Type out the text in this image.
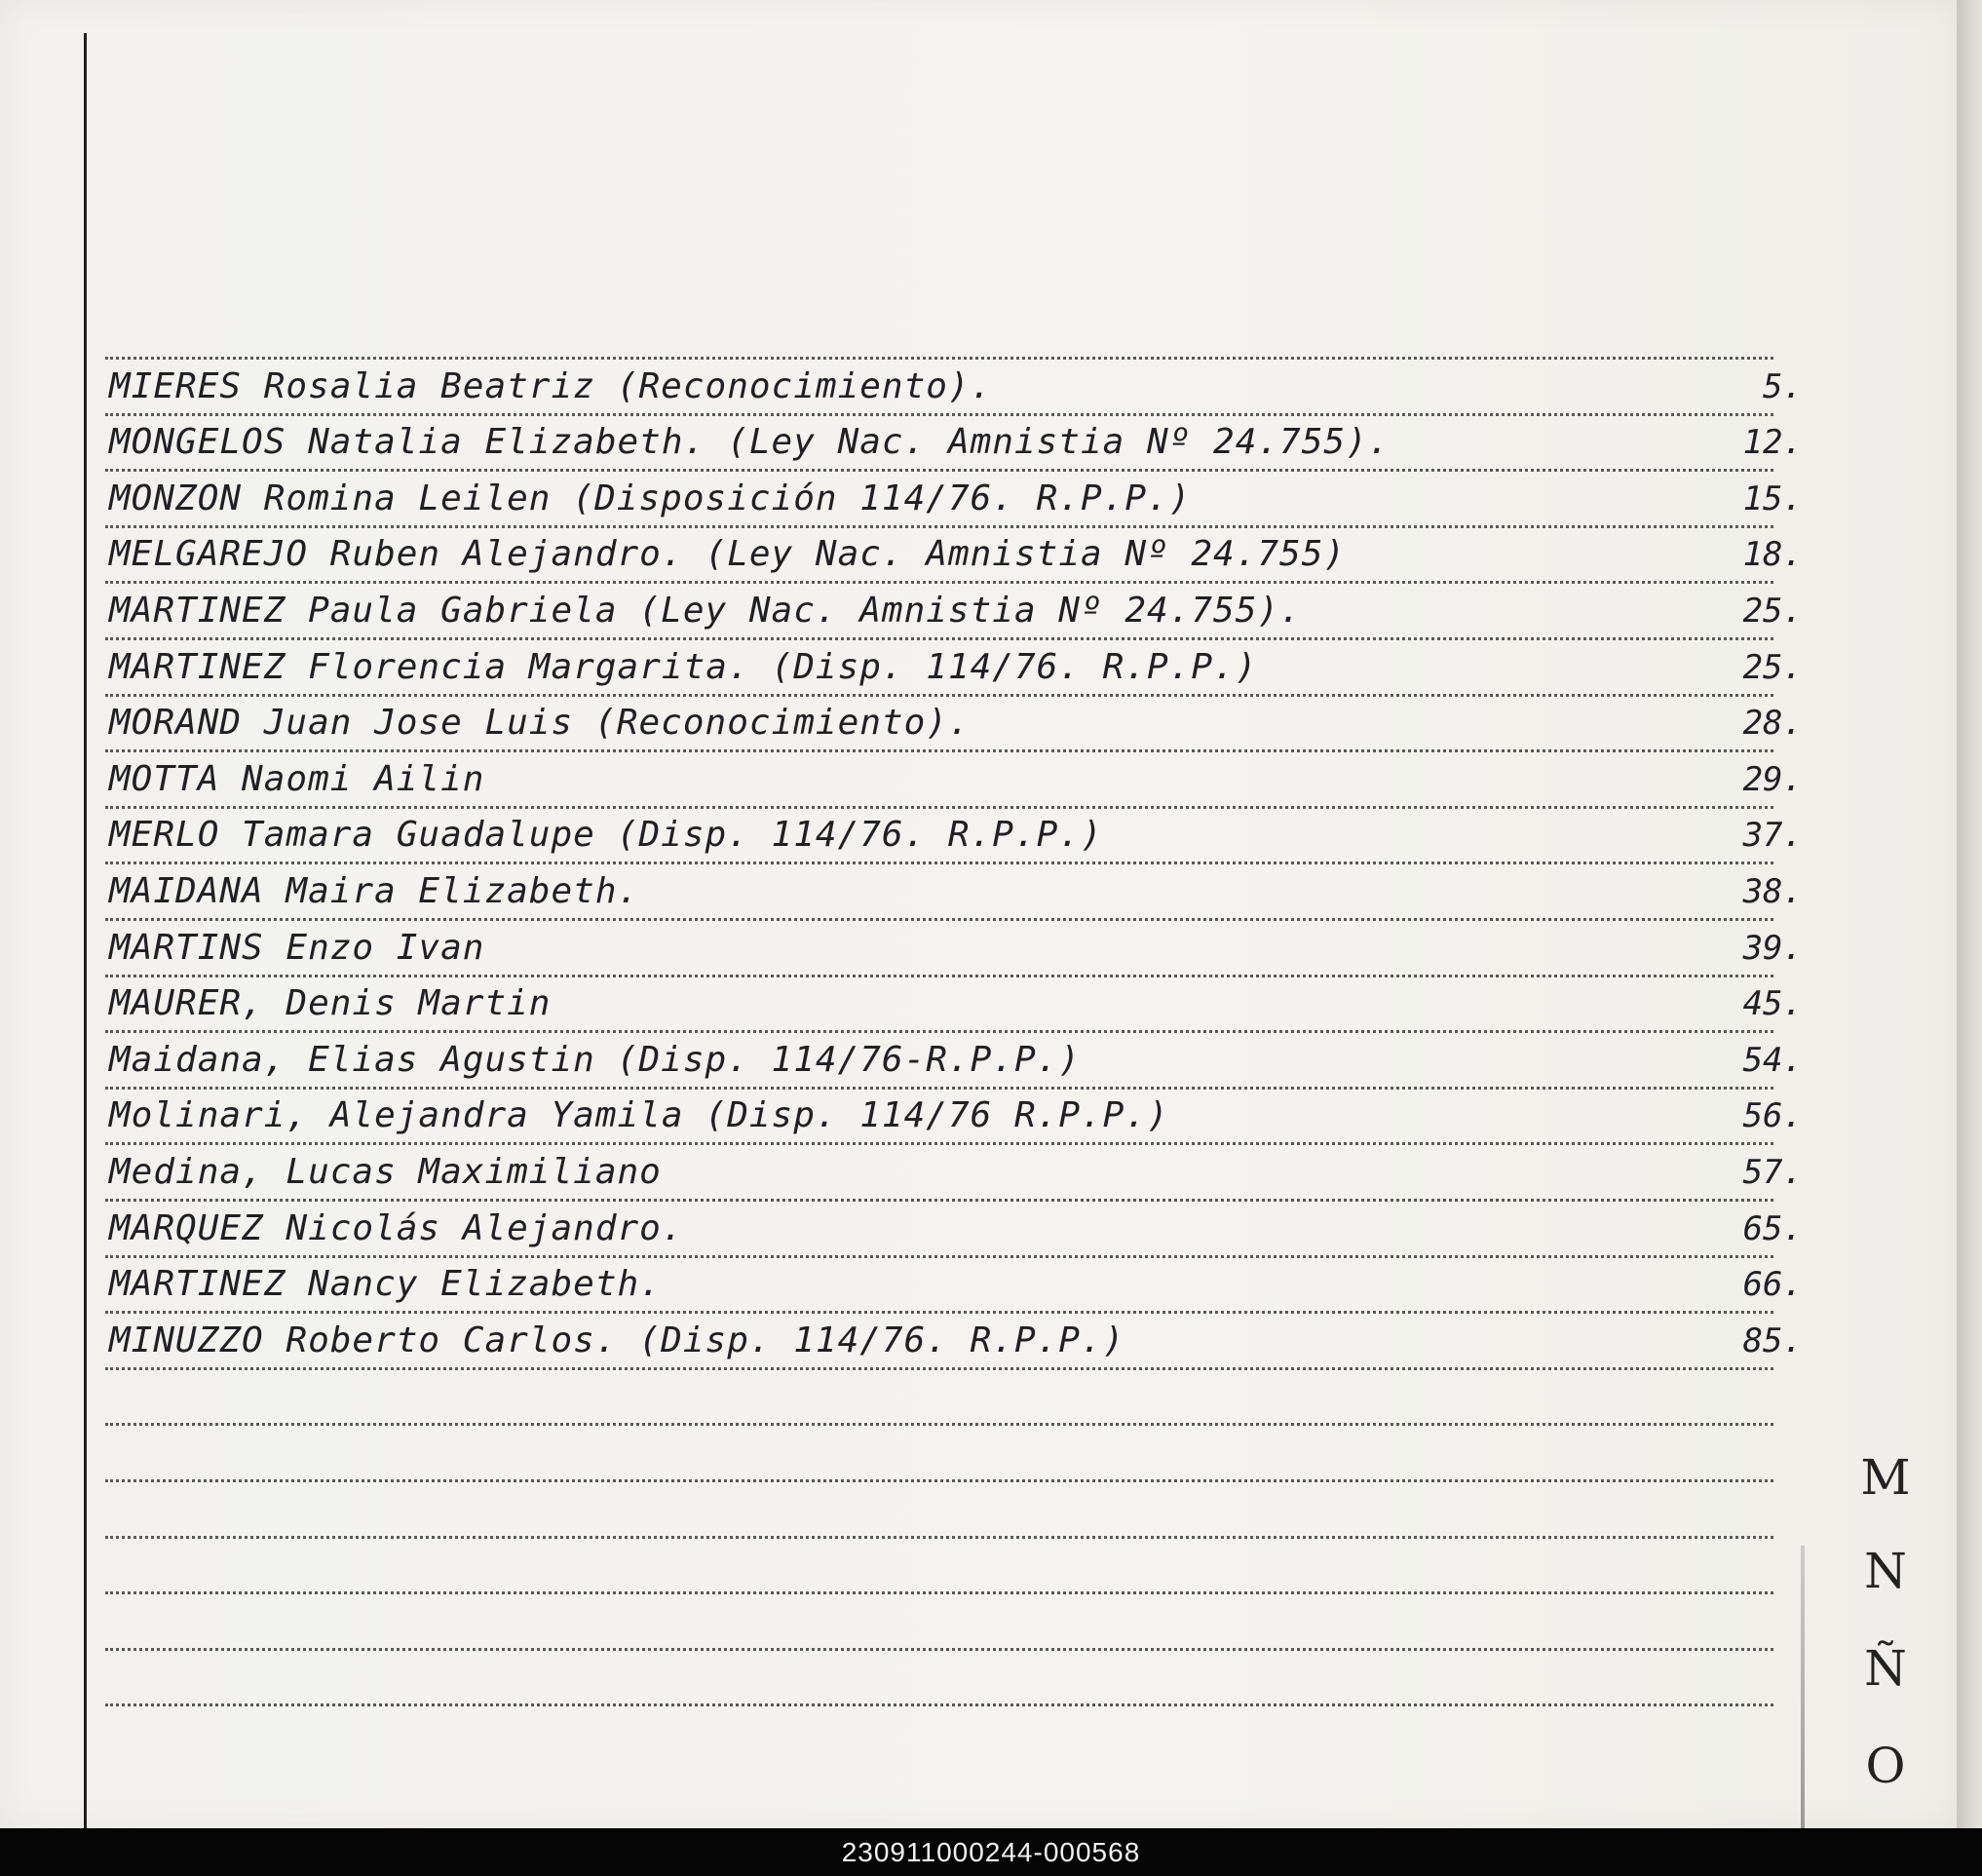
MIERES Rosalia Beatriz (Reconocimiento).	5.
MONGELOS Natalia Elizabeth. (Ley Nac. Amnistia Nº 24.755).	12.
MONZON Romina Leilen (Disposición 114/76. R.P.P.)	15.
MELGAREJO Ruben Alejandro. (Ley Nac. Amnistia Nº 24.755)	18.
MARTINEZ Paula Gabriela (Ley Nac. Amnistia Nº 24.755).	25.
MARTINEZ Florencia Margarita. (Disp. 114/76. R.P.P.)	25.
MORAND Juan Jose Luis (Reconocimiento).	28.
MOTTA Naomi Ailin	29.
MERLO Tamara Guadalupe (Disp. 114/76. R.P.P.)	37.
MAIDANA Maira Elizabeth.	38.
MARTINS Enzo Ivan	39.
MAURER, Denis Martin	45.
Maidana, Elias Agustin (Disp. 114/76-R.P.P.)	54.
Molinari, Alejandra Yamila (Disp. 114/76 R.P.P.)	56.
Medina, Lucas Maximiliano	57.
MARQUEZ Nicolás Alejandro.	65.
MARTINEZ Nancy Elizabeth.	66.
MINUZZO Roberto Carlos. (Disp. 114/76. R.P.P.)	85.
M
N
Ñ
O
230911000244-000568
